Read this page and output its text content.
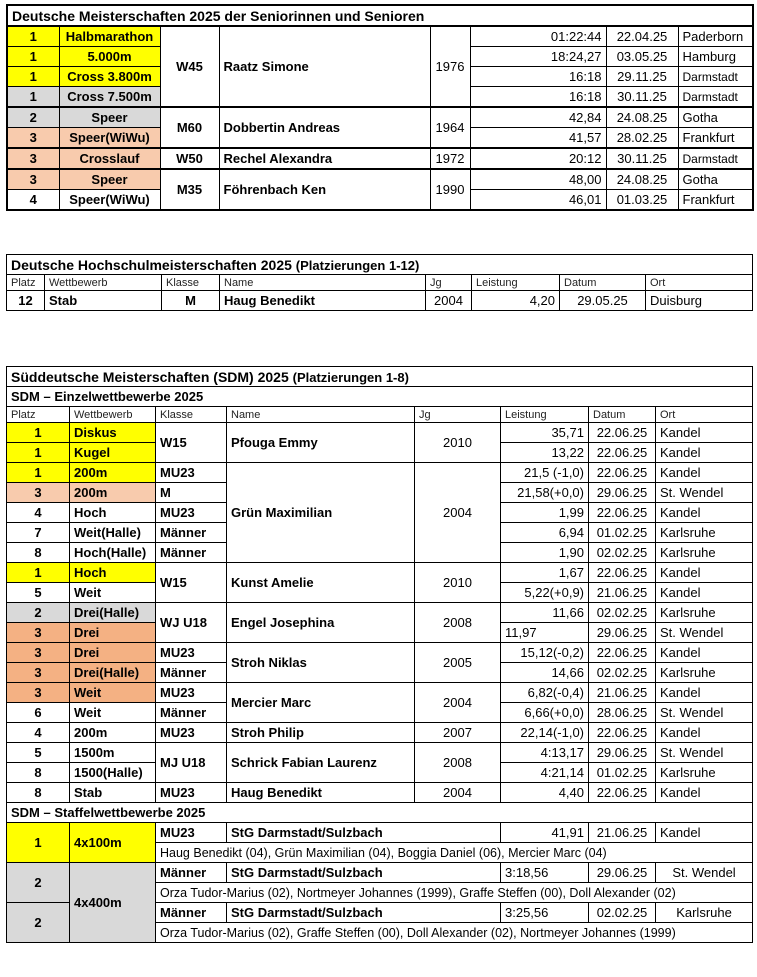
Deutsche Meisterschaften 2025 der Seniorinnen und Senioren							
1	Halbmarathon	W45	Raatz Simone	1976	01:22:44	22.04.25	Paderborn
1	5.000m				18:24,27	03.05.25	Hamburg
1	Cross 3.800m				16:18	29.11.25	Darmstadt
1	Cross 7.500m				16:18	30.11.25	Darmstadt
2	Speer	M60	Dobbertin Andreas	1964	42,84	24.08.25	Gotha
3	Speer(WiWu)				41,57	28.02.25	Frankfurt
3	Crosslauf	W50	Rechel Alexandra	1972	20:12	30.11.25	Darmstadt
3	Speer	M35	Föhrenbach Ken	1990	48,00	24.08.25	Gotha
4	Speer(WiWu)				46,01	01.03.25	Frankfurt
Deutsche Hochschulmeisterschaften 2025 (Platzierungen 1-12)							
Platz	Wettbewerb	Klasse	Name	Jg	Leistung	Datum	Ort
12	Stab	M	Haug Benedikt	2004	4,20	29.05.25	Duisburg
Süddeutsche Meisterschaften (SDM) 2025 (Platzierungen 1-8)							
SDM – Einzelwettbewerbe 2025							
Platz	Wettbewerb	Klasse	Name	Jg	Leistung	Datum	Ort
1	Diskus	W15	Pfouga Emmy	2010	35,71	22.06.25	Kandel
1	Kugel				13,22	22.06.25	Kandel
1	200m	MU23	Grün Maximilian	2004	21,5 (-1,0)	22.06.25	Kandel
3	200m	M			21,58(+0,0)	29.06.25	St. Wendel
4	Hoch	MU23			1,99	22.06.25	Kandel
7	Weit(Halle)	Männer			6,94	01.02.25	Karlsruhe
8	Hoch(Halle)	Männer			1,90	02.02.25	Karlsruhe
1	Hoch	W15	Kunst Amelie	2010	1,67	22.06.25	Kandel
5	Weit				5,22(+0,9)	21.06.25	Kandel
2	Drei(Halle)	WJ U18	Engel Josephina	2008	11,66	02.02.25	Karlsruhe
3	Drei				11,97	29.06.25	St. Wendel
3	Drei	MU23	Stroh Niklas	2005	15,12(-0,2)	22.06.25	Kandel
3	Drei(Halle)	Männer			14,66	02.02.25	Karlsruhe
3	Weit	MU23	Mercier Marc	2004	6,82(-0,4)	21.06.25	Kandel
6	Weit	Männer			6,66(+0,0)	28.06.25	St. Wendel
4	200m	MU23	Stroh Philip	2007	22,14(-1,0)	22.06.25	Kandel
5	1500m	MJ U18	Schrick Fabian Laurenz	2008	4:13,17	29.06.25	St. Wendel
8	1500(Halle)				4:21,14	01.02.25	Karlsruhe
8	Stab	MU23	Haug Benedikt	2004	4,40	22.06.25	Kandel
SDM – Staffelwettbewerbe 2025							
1	4x100m	MU23	StG Darmstadt/Sulzbach		41,91	21.06.25	Kandel
		Haug Benedikt (04), Grün Maximilian (04), Boggia Daniel (06), Mercier Marc (04)					
2	4x400m	Männer	StG Darmstadt/Sulzbach		3:18,56	29.06.25	St. Wendel
		Orza Tudor-Marius (02), Nortmeyer Johannes (1999), Graffe Steffen (00), Doll Alexander (02)					
2		Männer	StG Darmstadt/Sulzbach		3:25,56	02.02.25	Karlsruhe
		Orza Tudor-Marius (02), Graffe Steffen (00), Doll Alexander (02), Nortmeyer Johannes (1999)					
